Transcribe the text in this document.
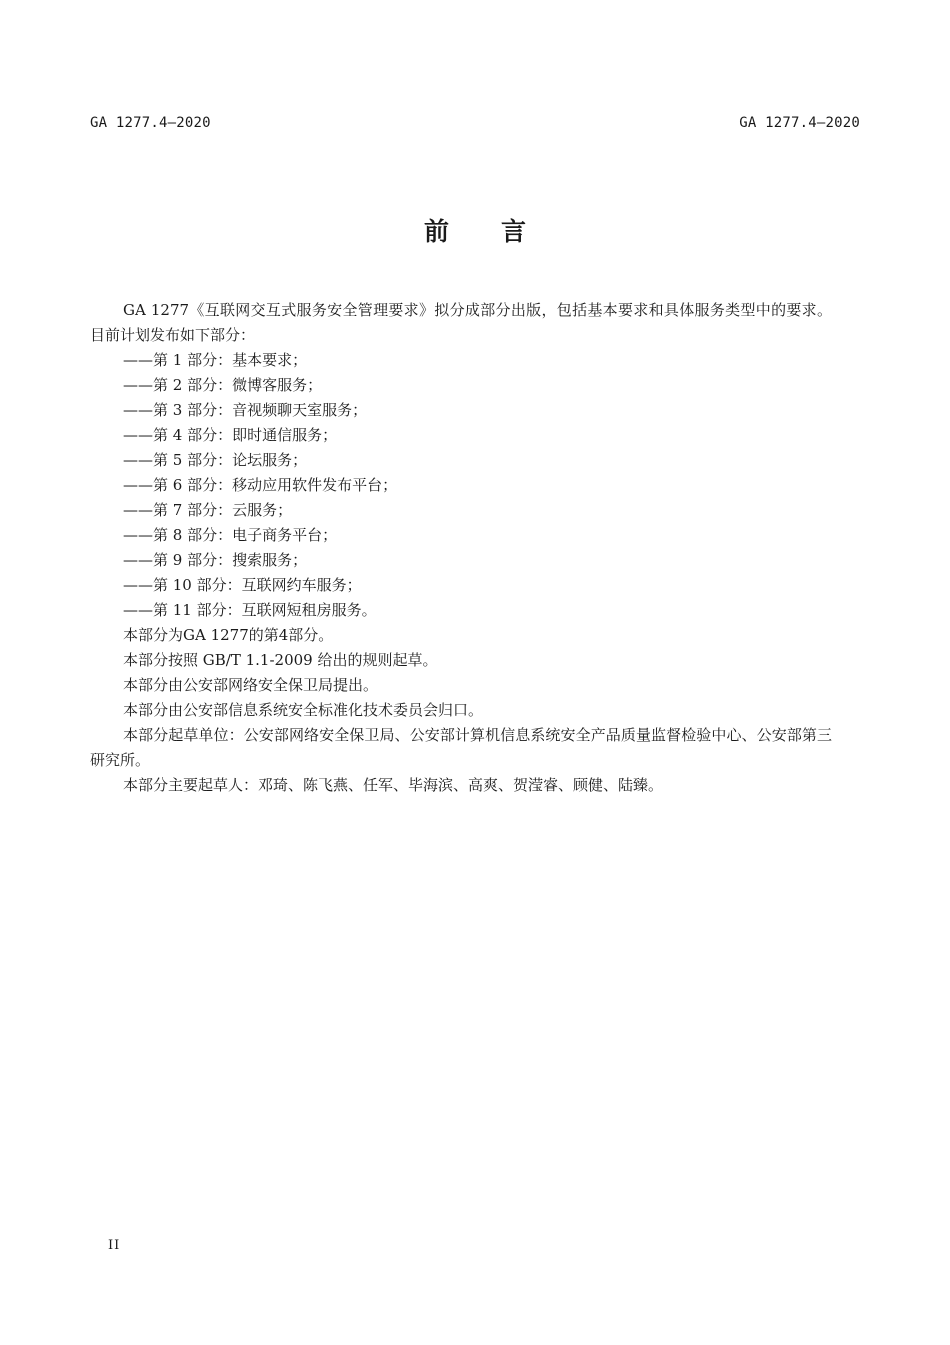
GA 1277.4—2020	GA 1277.4—2020
前言

GA 1277《互联网交互式服务安全管理要求》拟分成部分出版，包括基本要求和具体服务类型中的要求。目前计划发布如下部分：

——第 1 部分：基本要求；
——第 2 部分：微博客服务；
——第 3 部分：音视频聊天室服务；
——第 4 部分：即时通信服务；
——第 5 部分：论坛服务；
——第 6 部分：移动应用软件发布平台；
——第 7 部分：云服务；
——第 8 部分：电子商务平台；
——第 9 部分：搜索服务；
——第 10 部分：互联网约车服务；
——第 11 部分：互联网短租房服务。

本部分为GA 1277的第4部分。

本部分按照 GB/T 1.1-2009 给出的规则起草。

本部分由公安部网络安全保卫局提出。

本部分由公安部信息系统安全标准化技术委员会归口。

本部分起草单位：公安部网络安全保卫局、公安部计算机信息系统安全产品质量监督检验中心、公安部第三研究所。

本部分主要起草人：邓琦、陈飞燕、任军、毕海滨、高爽、贺滢睿、顾健、陆臻。

II
